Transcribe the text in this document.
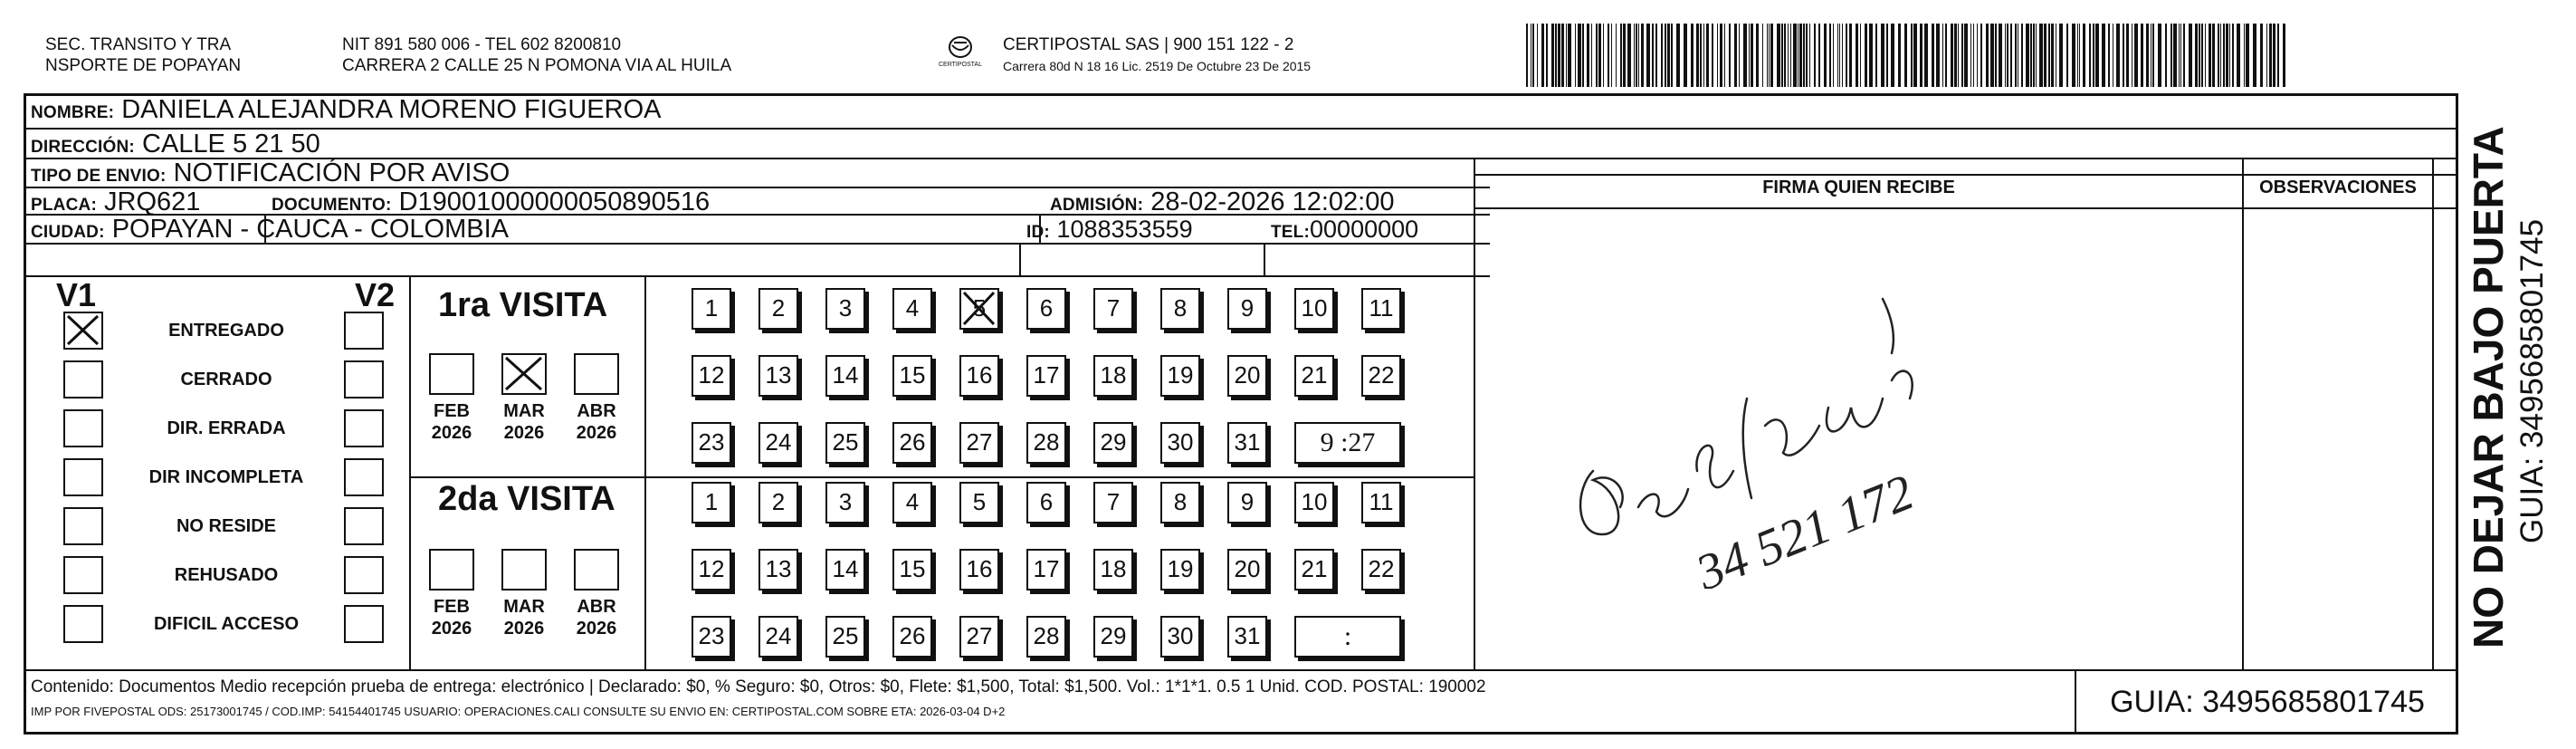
SEC. TRANSITO Y TRA
NSPORTE DE POPAYAN
NIT 891 580 006 - TEL 602 8200810
CARRERA 2 CALLE 25 N POMONA VIA AL HUILA	CERTIPOSTAL
CERTIPOSTAL SAS | 900 151 122 - 2
Carrera 80d N 18 16 Lic. 2519 De Octubre 23 De 2015
NOMBRE: DANIELA ALEJANDRA MORENO FIGUEROA
DIRECCIÓN: CALLE 5 21 50
TIPO DE ENVIO: NOTIFICACIÓN POR AVISO
PLACA: JRQ621	DOCUMENTO: D19001000000050890516	ADMISIÓN: 28-02-2026 12:02:00
CIUDAD: POPAYAN - CAUCA - COLOMBIA	ID: 1088353559	TEL:00000000
FIRMA QUIEN RECIBE	OBSERVACIONES
V1	V2
ENTREGADO
CERRADO
DIR. ERRADA
DIR INCOMPLETA
NO RESIDE
REHUSADO
DIFICIL ACCESO
1ra VISITA
2da VISITA
FEB
2026
MAR
2026
ABR
2026
FEB
2026
MAR
2026
ABR
2026
1	2	3	4	5	6	7	8	9	10	11
12 13 14 15 16 17 18 19 20 21 22
23 24 25 26 27 28 29 30 31	9 :27
1	2	3	4	5	6	7	8	9	10	11
12 13 14 15 16 17 18 19 20 21 22
23 24 25 26 27 28 29 30 31	:
34 521 172
Contenido: Documentos Medio recepción prueba de entrega: electrónico | Declarado: $0, % Seguro: $0, Otros: $0, Flete: $1,500, Total: $1,500. Vol.: 1*1*1. 0.5 1 Unid. COD. POSTAL: 190002
IMP POR FIVEPOSTAL ODS: 25173001745 / COD.IMP: 54154401745 USUARIO: OPERACIONES.CALI CONSULTE SU ENVIO EN: CERTIPOSTAL.COM SOBRE ETA: 2026-03-04 D+2	GUIA: 3495685801745
NO DEJAR BAJO PUERTA GUIA: 3495685801745
